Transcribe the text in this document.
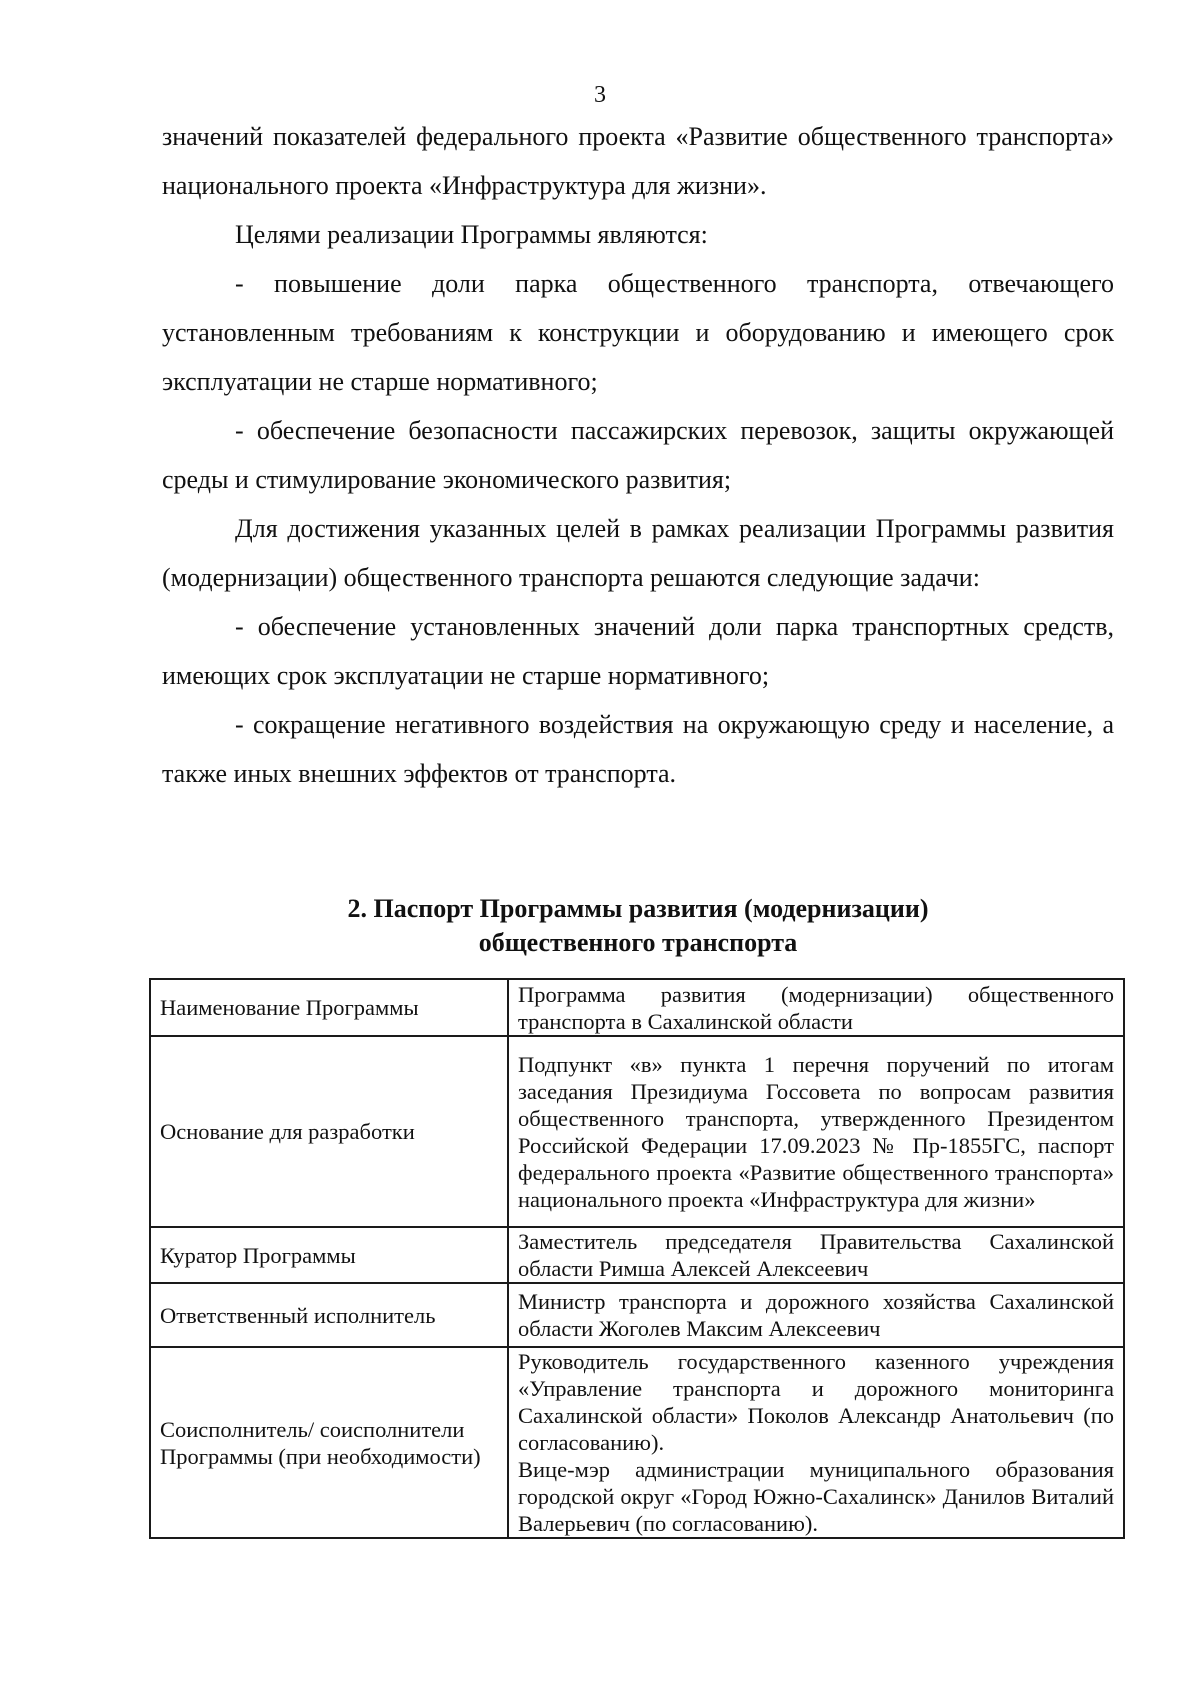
3

значений показателей федерального проекта «Развитие общественного транспорта» национального проекта «Инфраструктура для жизни».

Целями реализации Программы являются:

- повышение доли парка общественного транспорта, отвечающего установленным требованиям к конструкции и оборудованию и имеющего срок эксплуатации не старше нормативного;

- обеспечение безопасности пассажирских перевозок, защиты окружающей среды и стимулирование экономического развития;

Для достижения указанных целей в рамках реализации Программы развития (модернизации) общественного транспорта решаются следующие задачи:

- обеспечение установленных значений доли парка транспортных средств, имеющих срок эксплуатации не старше нормативного;

- сокращение негативного воздействия на окружающую среду и население, а также иных внешних эффектов от транспорта.

2. Паспорт Программы развития (модернизации)
общественного транспорта
Наименование Программы	Программа развития (модернизации) общественного транспорта в Сахалинской области

Основание для разработки	Подпункт «в» пункта 1 перечня поручений по итогам заседания Президиума Госсовета по вопросам развития общественного транспорта, утвержденного Президентом Российской Федерации 17.09.2023 № Пр-1855ГС, паспорт федерального проекта «Развитие общественного транспорта» национального проекта «Инфраструктура для жизни»

Куратор Программы	Заместитель председателя Правительства Сахалинской области Римша Алексей Алексеевич

Ответственный исполнитель	Министр транспорта и дорожного хозяйства Сахалинской области Жоголев Максим Алексеевич

Соисполнитель/ соисполнители Программы (при необходимости)	Руководитель государственного казенного учреждения «Управление транспорта и дорожного мониторинга Сахалинской области» Поколов Александр Анатольевич (по согласованию).
Вице-мэр администрации муниципального образования городской округ «Город Южно-Сахалинск» Данилов Виталий Валерьевич (по согласованию).
